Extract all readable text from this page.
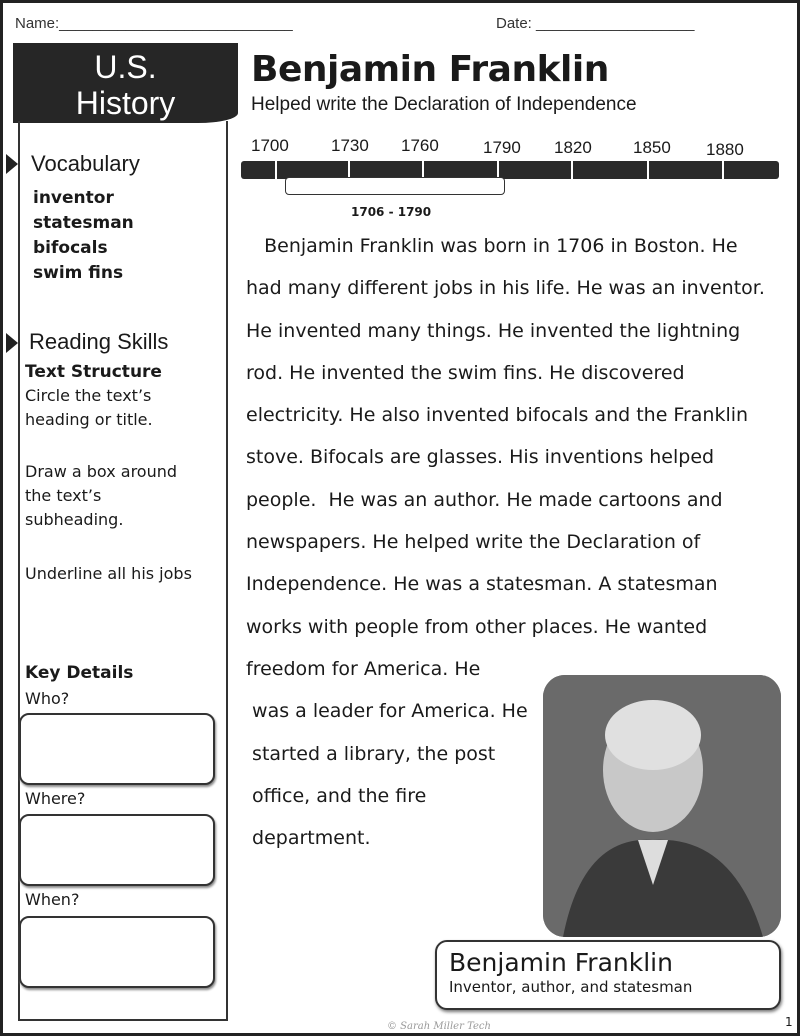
Name:____________________________	Date: ___________________
U.S.
History
Vocabulary
inventor
statesman
bifocals
swim fins
Reading Skills
Text Structure
Circle the text’s heading or title.
Draw a box around the text’s subheading.
Underline all his jobs
Key Details
Who?
Where?
When?
Benjamin Franklin
Helped write the Declaration of Independence
1700 1730 1760	1790 1820 1850 1880
1706 - 1790
Benjamin Franklin was born in 1706 in Boston. He
had many different jobs in his life. He was an inventor.
He invented many things. He invented the lightning
rod. He invented the swim fins. He discovered
electricity. He also invented bifocals and the Franklin
stove. Bifocals are glasses. His inventions helped
people.  He was an author. He made cartoons and
newspapers. He helped write the Declaration of
Independence. He was a statesman. A statesman
works with people from other places. He wanted
freedom for America. He
was a leader for America. He
started a library, the post
office, and the fire
department.
Benjamin Franklin
Inventor, author, and statesman
© Sarah Miller Tech	1
